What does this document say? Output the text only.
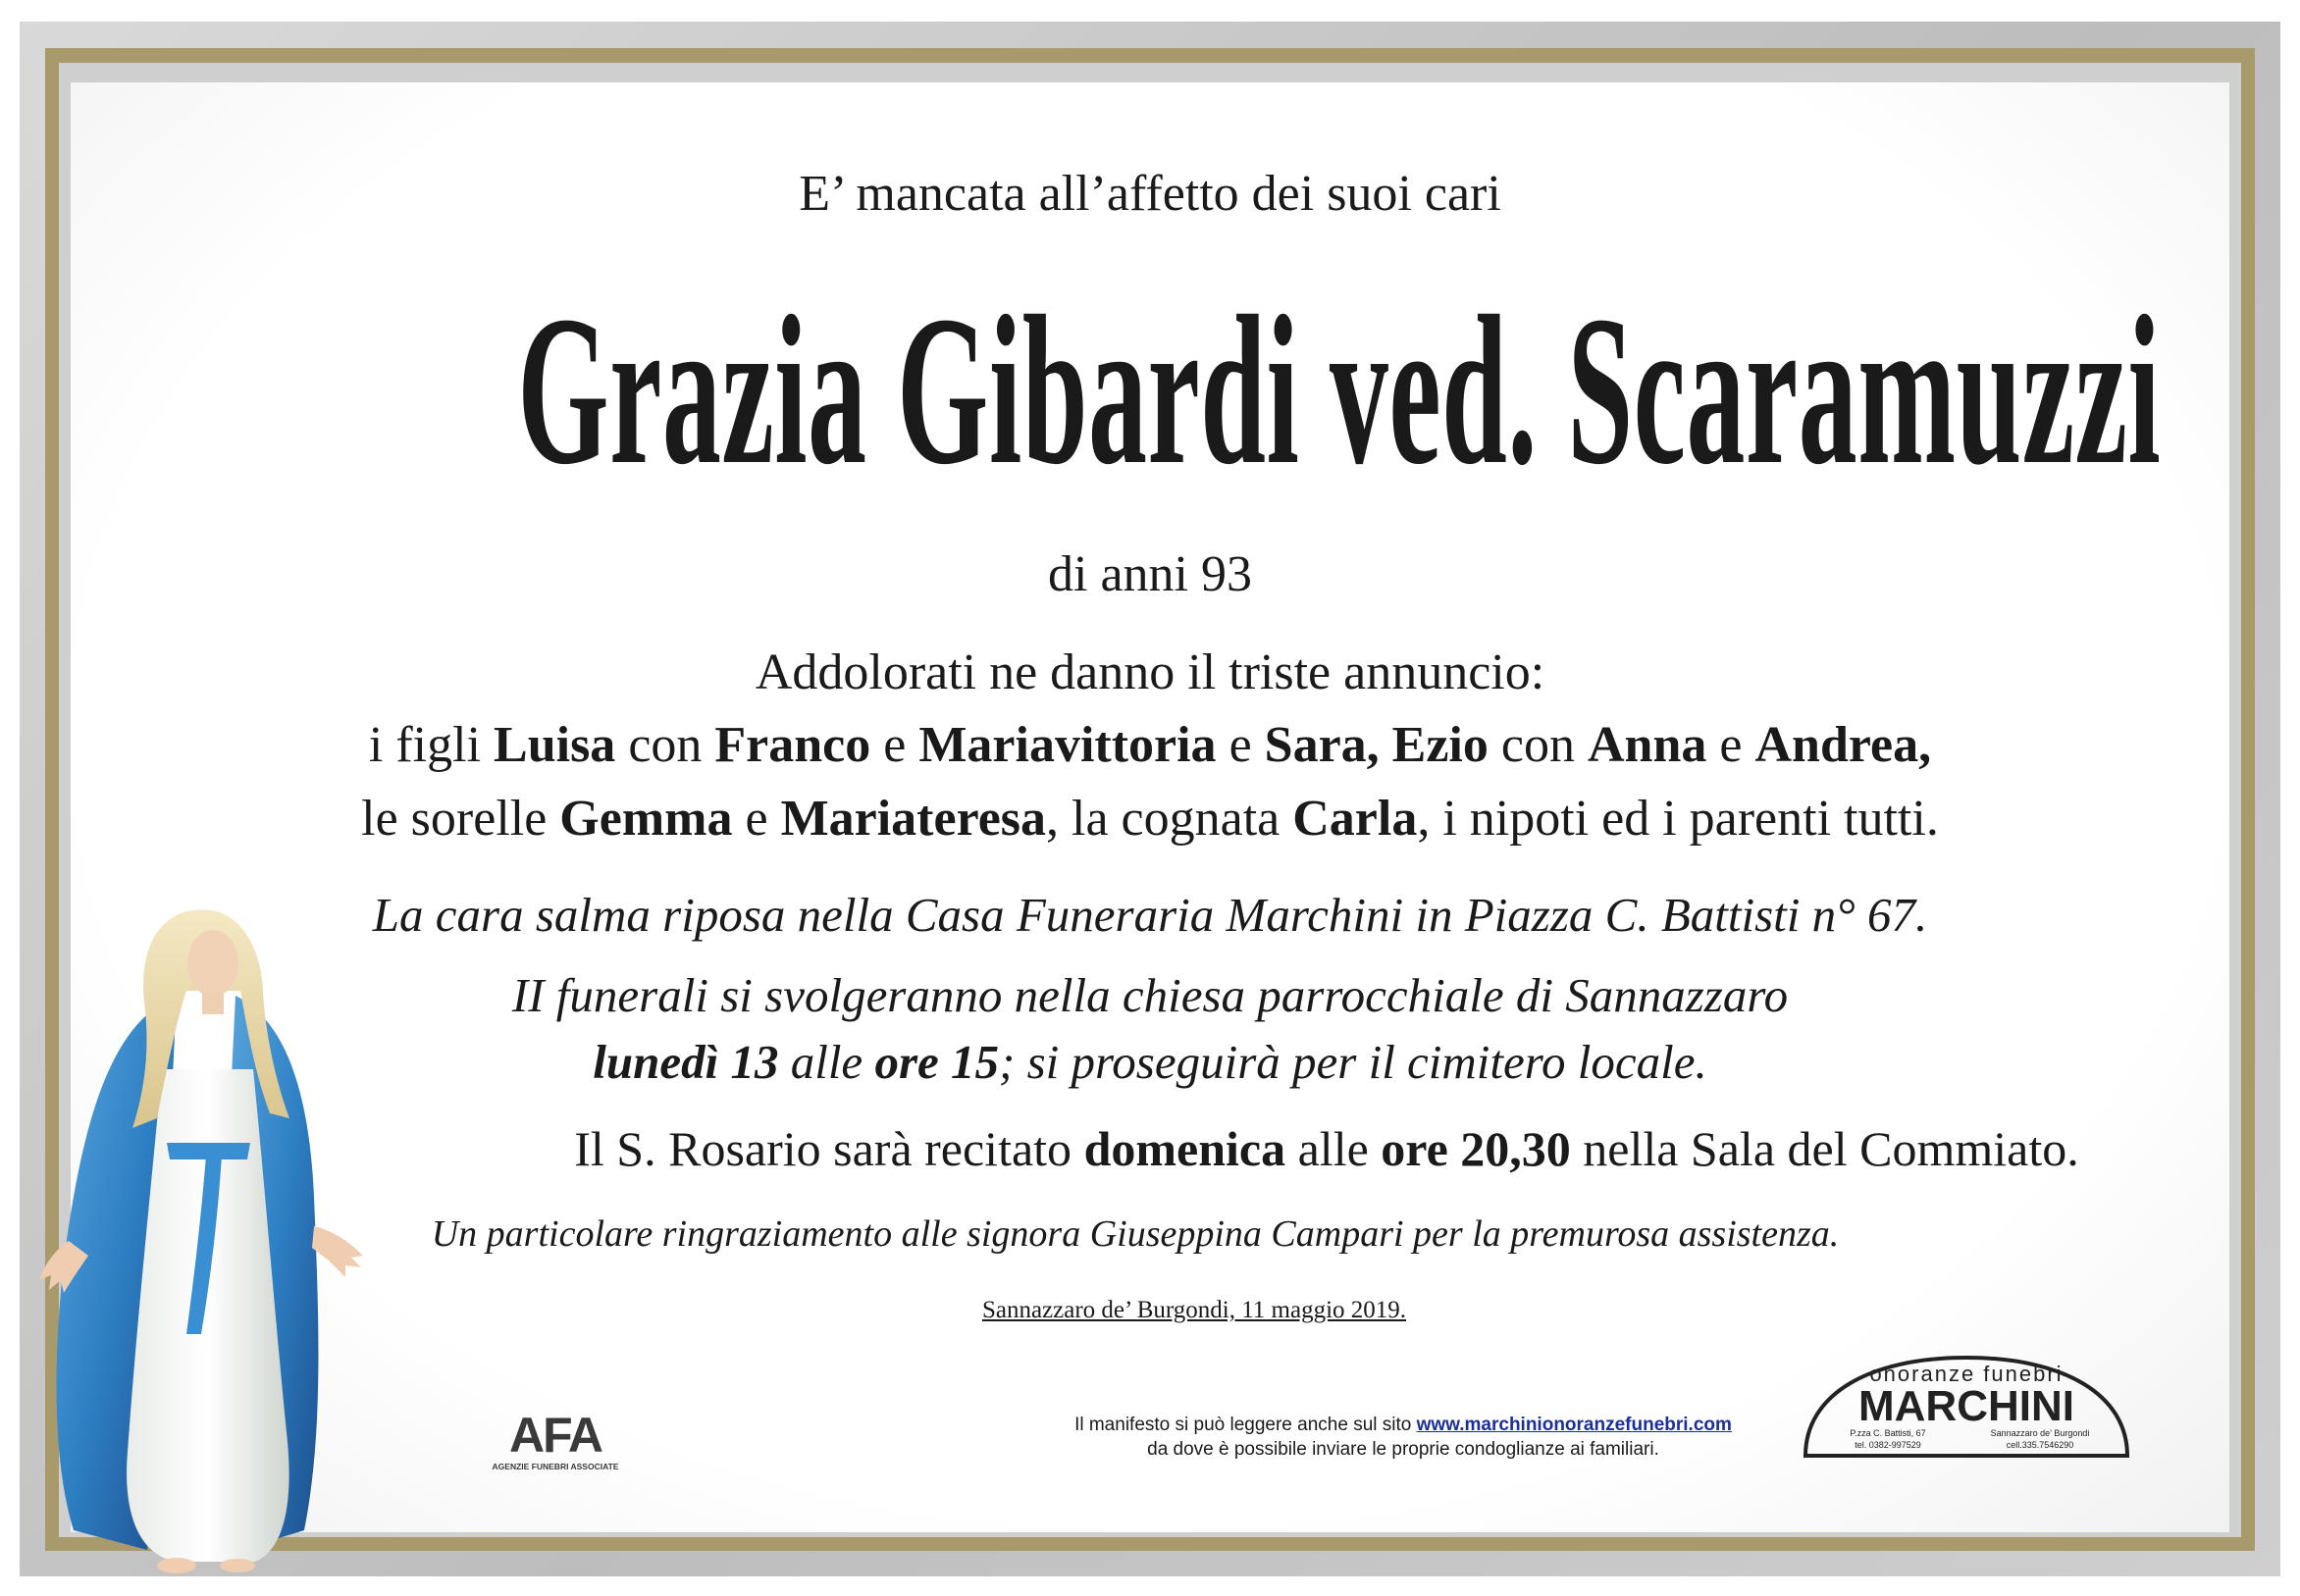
E’ mancata all’affetto dei suoi cari
Grazia Gibardi ved. Scaramuzzi
di anni 93
Addolorati ne danno il triste annuncio:
i figli Luisa con Franco e Mariavittoria e Sara, Ezio con Anna e Andrea,
le sorelle Gemma e Mariateresa, la cognata Carla, i nipoti ed i parenti tutti.
La cara salma riposa nella Casa Funeraria Marchini in Piazza C. Battisti n° 67.
II funerali si svolgeranno nella chiesa parrocchiale di Sannazzaro
lunedì 13 alle ore 15; si proseguirà per il cimitero locale.
Il S. Rosario sarà recitato domenica alle ore 20,30 nella Sala del Commiato.
Un particolare ringraziamento alle signora Giuseppina Campari per la premurosa assistenza.
Sannazzaro de’ Burgondi, 11 maggio 2019.
AFA
AGENZIE FUNEBRI ASSOCIATE
Il manifesto si può leggere anche sul sito www.marchinionoranzefunebri.com
da dove è possibile inviare le proprie condoglianze ai familiari.
onoranze funebri
MARCHINI
P.zza C. Battisti, 67	Sannazzaro de’ Burgondi
tel. 0382-997529	cell.335.7546290
